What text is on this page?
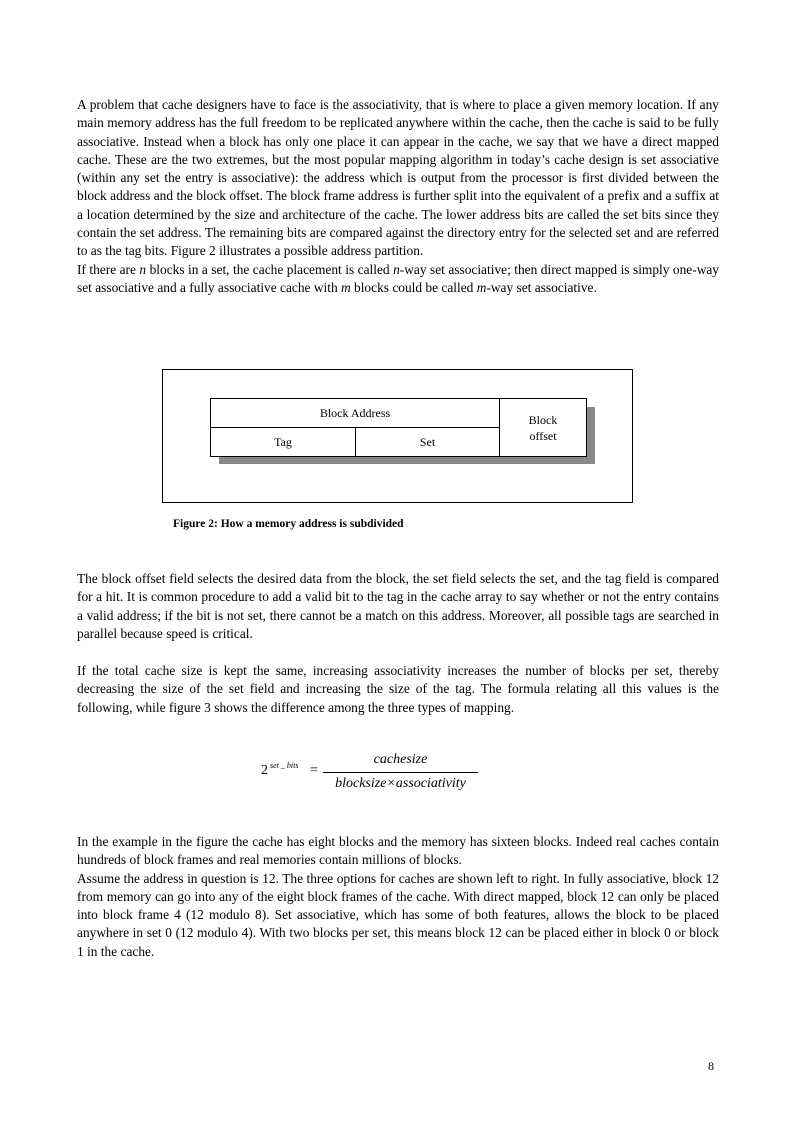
A problem that cache designers have to face is the associativity, that is where to place a given memory location. If any main memory address has the full freedom to be replicated anywhere within the cache, then the cache is said to be fully associative. Instead when a block has only one place it can appear in the cache, we say that we have a direct mapped cache. These are the two extremes, but the most popular mapping algorithm in today’s cache design is set associative (within any set the entry is associative): the address which is output from the processor is first divided between the block address and the block offset. The block frame address is further split into the equivalent of a prefix and a suffix at a location determined by the size and architecture of the cache. The lower address bits are called the set bits since they contain the set address. The remaining bits are compared against the directory entry for the selected set and are referred to as the tag bits. Figure 2 illustrates a possible address partition.

If there are n blocks in a set, the cache placement is called n-way set associative; then direct mapped is simply one-way set associative and a fully associative cache with m blocks could be called m-way set associative.

Block Address
Tag	Set
Block
offset
Figure 2: How a memory address is subdivided

The block offset field selects the desired data from the block, the set field selects the set, and the tag field is compared for a hit. It is common procedure to add a valid bit to the tag in the cache array to say whether or not the entry contains a valid address; if the bit is not set, there cannot be a match on this address. Moreover, all possible tags are searched in parallel because speed is critical.

If the total cache size is kept the same, increasing associativity increases the number of blocks per set, thereby decreasing the size of the set field and increasing the size of the tag. The formula relating all this values is the following, while figure 3 shows the difference among the three types of mapping.

2 set _ bits =
cachesize
blocksize×associativity

In the example in the figure the cache has eight blocks and the memory has sixteen blocks. Indeed real caches contain hundreds of block frames and real memories contain millions of blocks.

Assume the address in question is 12. The three options for caches are shown left to right. In fully associative, block 12 from memory can go into any of the eight block frames of the cache. With direct mapped, block 12 can only be placed into block frame 4 (12 modulo 8). Set associative, which has some of both features, allows the block to be placed anywhere in set 0 (12 modulo 4). With two blocks per set, this means block 12 can be placed either in block 0 or block 1 in the cache.

8
